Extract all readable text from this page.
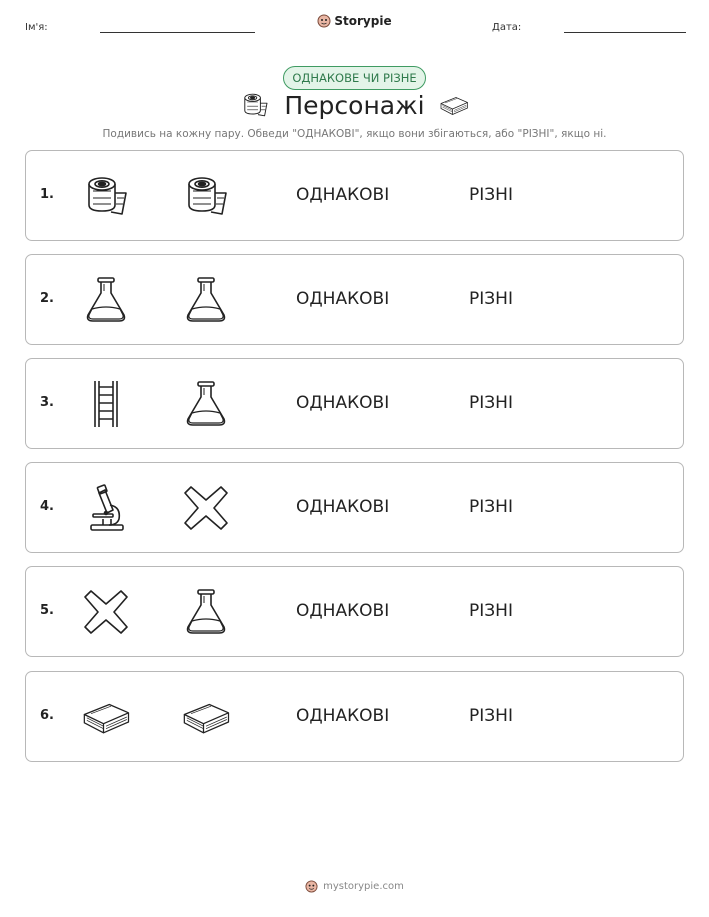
Ім'я:	Storypie	Дата:
ОДНАКОВЕ ЧИ РІЗНЕ
Персонажі
Подивись на кожну пару. Обведи "ОДНАКОВІ", якщо вони збігаються, або "РІЗНІ", якщо ні.
1.	ОДНАКОВІ	РІЗНІ
2.	ОДНАКОВІ	РІЗНІ
3.	ОДНАКОВІ	РІЗНІ
4.	ОДНАКОВІ	РІЗНІ
5.	ОДНАКОВІ	РІЗНІ
6.	ОДНАКОВІ	РІЗНІ
mystorypie.com
